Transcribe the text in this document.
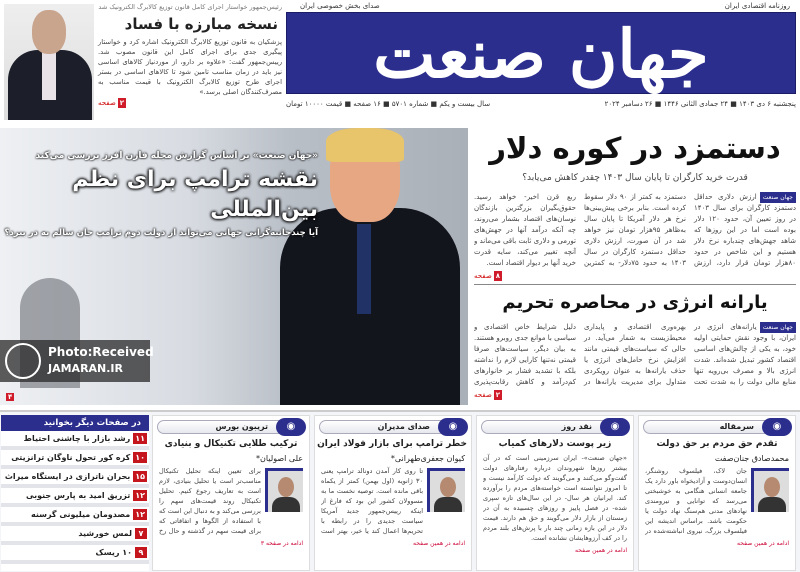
رئیس‌جمهور خواستار اجرای کامل قانون توزیع کالابرگ الکترونیک شد
نسخه مبارزه با فساد
پزشکیان به قانون توزیع کالابرگ الکترونیک اشاره کرد و خواستار پیگیری جدی برای اجرای کامل این قانون مصوب شد. رییس‌جمهور گفت: «علاوه بر دارو، از موردنیاز کالاهای اساسی نیز باید در زمان مناسب تامین شود تا کالاهای اساسی در بستر اجرای طرح توزیع کالابرگ الکترونیک با قیمت مناسب به مصرف‌کنندگان اصلی برسد.»
۲صفحه
روزنامه اقتصادی ایران
صدای بخش خصوصی ایران
جهان صنعت
پنجشنبه ۶ دی ۱۴۰۳ ■ ۲۴ جمادی الثانی ۱۴۴۶ ■ ۲۶ دسامبر ۲۰۲۴
سال بیست و یکم ■ شماره ۵۷۰۱ ■ ۱۶ صفحه ■ قیمت ۱۰۰۰۰ تومان
«جهان صنعت» بر اساس گزارش مجله فارن افرز بررسی می‌کند
نقشه ترامپ برای نظم بین‌المللی
آیا چندجانبه‌گرایی جهانی می‌تواند از دولت دوم ترامپ جان سالم به در ببرد؟
۴
دستمزد در کوره دلار
قدرت خرید کارگران تا پایان سال ۱۴۰۳ چقدر کاهش می‌یابد؟
جهان صنعتارزش دلاری حداقل دستمزد کارگران برای سال ۱۴۰۳ در روز تعیین آن، حدود ۱۲۰ دلار بوده است اما در این روزها که شاهد جهش‌های چندباره نرخ دلار هستیم و این شاخص در حدود ۸۰هزار تومان قرار دارد، ارزش
دستمزد به کمتر از ۹۰ دلار سقوط کرده است. بنابر برخی پیش‌بینی‌ها نرخ هر دلار آمریکا تا پایان سال به‌ظاهر ۹۵هزار تومان نیز خواهد شد در آن صورت، ارزش دلاری حداقل دستمزد کارگران در سال ۱۴۰۳ به حدود ۷۵دلار- به کمترین
ربع قرن اخیر- خواهد رسید. حقوق‌بگیران بزرگترین بازندگان نوسان‌های اقتصاد بشمار می‌روند، چه آنکه درآمد آنها در جهش‌های تورمی و دلاری ثابت باقی می‌ماند و آنچه تغییر می‌کند، سایه قدرت خرید آنها بر دیوار اقتصاد است.
۸صفحه
یارانه انرژی در محاصره تحریم
جهان صنعتیارانه‌های انرژی در ایران، با وجود نقش حمایتی اولیه خود، به یکی از چالش‌های اساسی اقتصاد کشور تبدیل شده‌اند. شدت انرژی بالا و مصرف بی‌رویه تنها منابع مالی دولت را به شدت تحت
بهره‌وری اقتصادی و پایداری محیط‌زیست به شمار می‌آید. در حالی که سیاست‌های قیمتی مانند افزایش نرخ حامل‌های انرژی یا حذف یارانه‌ها به عنوان رویکردی متداول برای مدیریت یارانه‌ها در
دلیل شرایط خاص اقتصادی و سیاسی با موانع جدی روبرو هستند. به بیان دیگر، سیاست‌های صرفا قیمتی نه‌تنها کارایی لازم را نداشته بلکه با تشدید فشار بر خانوارهای کم‌درآمد و کاهش رقابت‌پذیری
۲صفحه
در صفحات دیگر بخوانید
۱۱
رشد بازار با چاشنی احتیاط
۱۰
کره کور تحول ناوگان ترانزیتی
۱۵
بحران ناترازی در ایستگاه میراث
۱۲
تزریق امید به پارس جنوبی
۱۲
مصدومان میلیونی گرسنه
۷
لمس خورشید
۹
۱۰ ریسک
◉
سرمقاله
تقدم حق مردم بر حق دولت
محمدصادق جنان‌صفت
جان لاک، فیلسوف روشنگر، انسان‌دوست و آزادیخواه باور دارد یک جامعه انسانی هنگامی به خوشبختی می‌رسد که توانایی و نیرومندی نهادهای مدنی هم‌سنگ نهاد دولت یا حکومت باشد. براساس اندیشه این فیلسوف بزرگ، نیروی انباشته‌شده در
ادامه در همین صفحه
◉
نقد روز
زیر پوست دلارهای کمیاب
«جهان صنعت»- ایران سرزمینی است که در آن بیشتر روزها شهروندان درباره رفتارهای دولت گفت‌وگو می‌کنند و می‌گویند که دولت کارآمد نیست و تا امروز نتوانسته است خواسته‌های مردم را برآورده کند. ایرانیان هر سال- در این سال‌های تازه سپری شده- در فصل پاییز و روزهای چسبیده به آن در زمستان از بازار دلار می‌گویند و حق هم دارند. قیمت دلار در این بازه زمانی چند بار با پرش‌های بلند مردم را در کف آرزوهایشان نشانده است.
ادامه در همین صفحه
◉
صدای مدیران
خطر ترامپ برای بازار فولاد ایران
کیوان جعفری‌طهرانی*
تا روی کار آمدن دونالد ترامپ یعنی ۳۰ ژانویه (اول بهمن) کمتر از یکماه باقی مانده است. توصیه نخست ما به مسوولان کشور این بود که فارغ از اینکه رییس‌جمهور جدید آمریکا سیاست جدیدی را در رابطه با تحریم‌ها اعمال کند یا خیر، بهتر است
ادامه در همین صفحه
◉
تریبون بورس
ترکیب طلایی تکنیکال و بنیادی
علی اصولیان*
برای تعیین اینکه تحلیل تکنیکال مناسب‌تر است یا تحلیل بنیادی، لازم است به تعاریف رجوع کنیم. تحلیل تکنیکال روند قیمت‌های سهم را بررسی می‌کند و به دنبال این است که با استفاده از الگوها و اتفاقاتی که برای قیمت سهم در گذشته و حال رخ
ادامه در صفحه ۳
Photo:Received
JAMARAN.IR
